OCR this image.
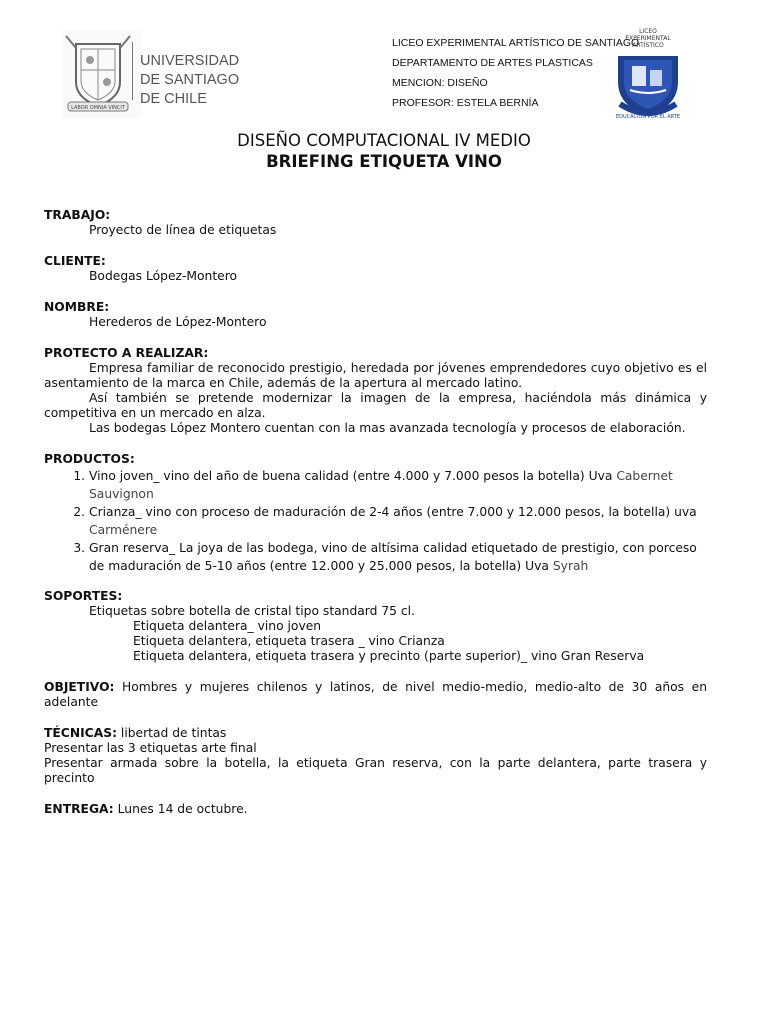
LABOR OMNIA VINCIT
UNIVERSIDAD
DE SANTIAGO
DE CHILE
LICEO EXPERIMENTAL ARTÍSTICO DE SANTIAGO
DEPARTAMENTO DE ARTES PLASTICAS
MENCION: DISEÑO
PROFESOR: ESTELA BERNÍA
LICEO
EXPERIMENTAL
ARTÍSTICO
EDUCACIÓN POR EL ARTE
DISEÑO COMPUTACIONAL IV MEDIO
BRIEFING ETIQUETA VINO
TRABAJO:
Proyecto de línea de etiquetas
CLIENTE:
Bodegas López-Montero
NOMBRE:
Herederos de López-Montero
PROTECTO A REALIZAR:
Empresa familiar de reconocido prestigio, heredada por jóvenes emprendedores cuyo objetivo es el asentamiento de la marca en Chile, además de la apertura al mercado latino.
Así también se pretende modernizar la imagen de la empresa, haciéndola más dinámica y competitiva en un mercado en alza.
Las bodegas López Montero cuentan con la mas avanzada tecnología y procesos de elaboración.
PRODUCTOS:
1. Vino joven_ vino del año de buena calidad (entre 4.000 y 7.000 pesos la botella) Uva Cabernet Sauvignon
2. Crianza_ vino con proceso de maduración de 2-4 años (entre 7.000 y 12.000 pesos, la botella) uva Carménere
3. Gran reserva_ La joya de las bodega, vino de altísima calidad etiquetado de prestigio, con porceso de maduración de 5-10 años (entre 12.000 y 25.000 pesos, la botella) Uva Syrah
SOPORTES:
Etiquetas sobre botella de cristal tipo standard 75 cl.
Etiqueta delantera_ vino joven
Etiqueta delantera, etiqueta trasera _ vino Crianza
Etiqueta delantera, etiqueta trasera y precinto (parte superior)_ vino Gran Reserva
OBJETIVO: Hombres y mujeres chilenos y latinos, de nivel medio-medio, medio-alto de 30 años en adelante
TÉCNICAS: libertad de tintas
Presentar las 3 etiquetas arte final
Presentar armada sobre la botella, la etiqueta Gran reserva, con la parte delantera, parte trasera y precinto
ENTREGA: Lunes 14 de octubre.
